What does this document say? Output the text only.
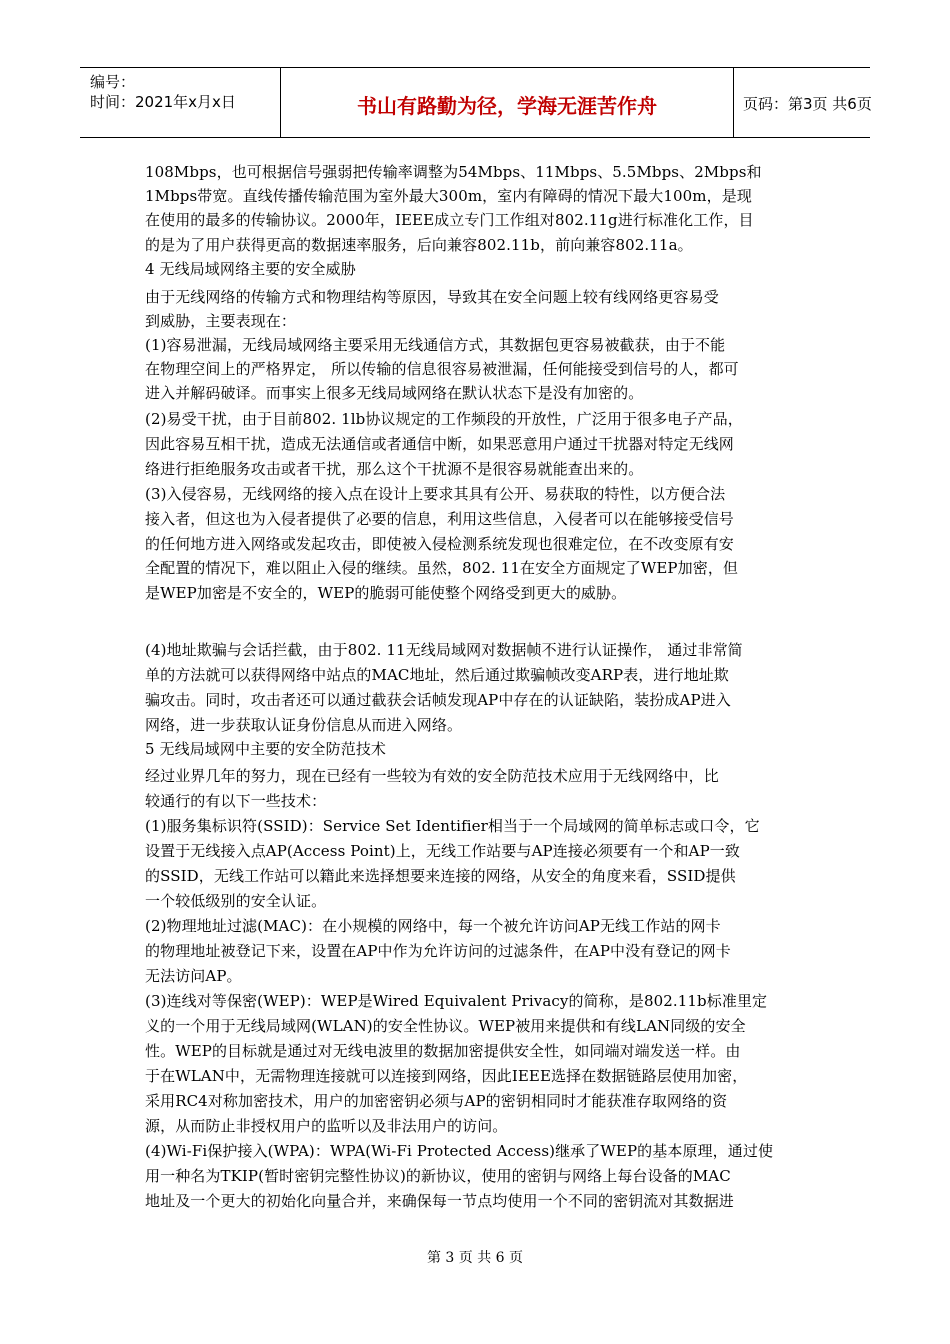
编号：
时间：2021年x月x日	书山有路勤为径，学海无涯苦作舟	页码：第3页 共6页
108Mbps，也可根据信号强弱把传输率调整为54Mbps、11Mbps、5.5Mbps、2Mbps和
1Mbps带宽。直线传播传输范围为室外最大300m，室内有障碍的情况下最大100m，是现
在使用的最多的传输协议。2000年，IEEE成立专门工作组对802.11g进行标准化工作，目
的是为了用户获得更高的数据速率服务，后向兼容802.11b，前向兼容802.11a。
4 无线局域网络主要的安全威胁
由于无线网络的传输方式和物理结构等原因，导致其在安全问题上较有线网络更容易受
到威胁，主要表现在：
(1)容易泄漏，无线局域网络主要采用无线通信方式，其数据包更容易被截获，由于不能
在物理空间上的严格界定， 所以传输的信息很容易被泄漏，任何能接受到信号的人，都可
进入并解码破译。而事实上很多无线局域网络在默认状态下是没有加密的。
(2)易受干扰，由于目前802. 1lb协议规定的工作频段的开放性，广泛用于很多电子产品，
因此容易互相干扰，造成无法通信或者通信中断，如果恶意用户通过干扰器对特定无线网
络进行拒绝服务攻击或者干扰，那么这个干扰源不是很容易就能查出来的。
(3)入侵容易，无线网络的接入点在设计上要求其具有公开、易获取的特性，以方便合法
接入者，但这也为入侵者提供了必要的信息，利用这些信息，入侵者可以在能够接受信号
的任何地方进入网络或发起攻击，即使被入侵检测系统发现也很难定位，在不改变原有安
全配置的情况下，难以阻止入侵的继续。虽然，802. 11在安全方面规定了WEP加密，但
是WEP加密是不安全的，WEP的脆弱可能使整个网络受到更大的威胁。
(4)地址欺骗与会话拦截，由于802. 11无线局域网对数据帧不进行认证操作， 通过非常简
单的方法就可以获得网络中站点的MAC地址，然后通过欺骗帧改变ARP表，进行地址欺
骗攻击。同时，攻击者还可以通过截获会话帧发现AP中存在的认证缺陷，装扮成AP进入
网络，进一步获取认证身份信息从而进入网络。
5 无线局域网中主要的安全防范技术
经过业界几年的努力，现在已经有一些较为有效的安全防范技术应用于无线网络中，比
较通行的有以下一些技术：
(1)服务集标识符(SSID)：Service Set Identifier相当于一个局域网的简单标志或口令，它
设置于无线接入点AP(Access Point)上，无线工作站要与AP连接必须要有一个和AP一致
的SSID，无线工作站可以籍此来选择想要来连接的网络，从安全的角度来看，SSID提供
一个较低级别的安全认证。
(2)物理地址过滤(MAC)：在小规模的网络中，每一个被允许访问AP无线工作站的网卡
的物理地址被登记下来，设置在AP中作为允许访问的过滤条件，在AP中没有登记的网卡
无法访问AP。
(3)连线对等保密(WEP)：WEP是Wired Equivalent Privacy的简称，是802.11b标准里定
义的一个用于无线局域网(WLAN)的安全性协议。WEP被用来提供和有线LAN同级的安全
性。WEP的目标就是通过对无线电波里的数据加密提供安全性，如同端对端发送一样。由
于在WLAN中，无需物理连接就可以连接到网络，因此IEEE选择在数据链路层使用加密，
采用RC4对称加密技术，用户的加密密钥必须与AP的密钥相同时才能获准存取网络的资
源，从而防止非授权用户的监听以及非法用户的访问。
(4)Wi-Fi保护接入(WPA)：WPA(Wi-Fi Protected Access)继承了WEP的基本原理，通过使
用一种名为TKIP(暂时密钥完整性协议)的新协议，使用的密钥与网络上每台设备的MAC
地址及一个更大的初始化向量合并，来确保每一节点均使用一个不同的密钥流对其数据进
第 3 页 共 6 页
